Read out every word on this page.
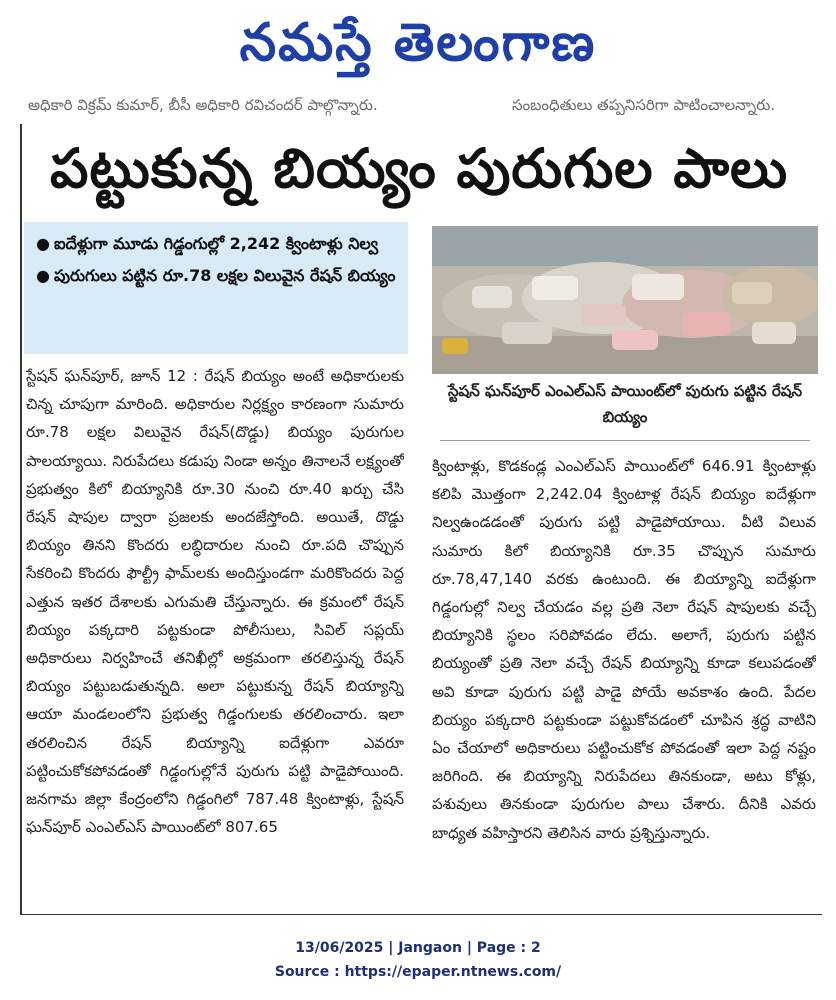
నమస్తే తెలంగాణ
అధికారి విక్రమ్ కుమార్, బీసీ అధికారి రవిచందర్ పాల్గొన్నారు.	సంబంధితులు తప్పనిసరిగా పాటించాలన్నారు.
పట్టుకున్న బియ్యం పురుగుల పాలు
● ఐదేళ్లుగా మూడు గిడ్డంగుల్లో 2,242 క్వింటాళ్లు నిల్వ
● పురుగులు పట్టిన రూ.78 లక్షల విలువైన రేషన్ బియ్యం

స్టేషన్ ఘన్‌పూర్, జూన్ 12 : రేషన్ బియ్యం అంటే అధికారులకు చిన్న చూపుగా మారింది. అధికారుల నిర్లక్ష్యం కారణంగా సుమారు రూ.78 లక్షల విలువైన రేషన్(దొడ్డు) బియ్యం పురుగుల పాలయ్యాయి. నిరుపేదలు కడుపు నిండా అన్నం తినాలనే లక్ష్యంతో ప్రభుత్వం కిలో బియ్యానికి రూ.30 నుంచి రూ.40 ఖర్చు చేసి రేషన్ షాపుల ద్వారా ప్రజలకు అందజేస్తోంది. అయితే, దొడ్డు బియ్యం తినని కొందరు లబ్ధిదారుల నుంచి రూ.పది చొప్పున సేకరించి కొందరు ఫౌల్ట్రీ ఫామ్‌లకు అందిస్తుండగా మరికొందరు పెద్ద ఎత్తున ఇతర దేశాలకు ఎగుమతి చేస్తున్నారు. ఈ క్రమంలో రేషన్ బియ్యం పక్కదారి పట్టకుండా పోలీసులు, సివిల్ సప్లయ్ అధికారులు నిర్వహించే తనిఖీల్లో అక్రమంగా తరలిస్తున్న రేషన్ బియ్యం పట్టుబడుతున్నది. అలా పట్టుకున్న రేషన్ బియ్యాన్ని ఆయా మండలంలోని ప్రభుత్వ గిడ్డంగులకు తరలించారు. ఇలా తరలించిన రేషన్ బియ్యాన్ని ఐదేళ్లుగా ఎవరూ పట్టించుకోకపోవడంతో గిడ్డంగుల్లోనే పురుగు పట్టి పాడైపోయింది. జనగామ జిల్లా కేంద్రంలోని గిడ్డంగిలో 787.48 క్వింటాళ్లు, స్టేషన్ ఘన్‌పూర్ ఎంఎల్ఎస్ పాయింట్‌లో 807.65

స్టేషన్ ఘన్‌పూర్ ఎంఎల్ఎస్ పాయింట్‌లో పురుగు పట్టిన రేషన్ బియ్యం

క్వింటాళ్లు, కొడకండ్ల ఎంఎల్ఎస్ పాయింట్‌లో 646.91 క్వింటాళ్లు కలిపి మొత్తంగా 2,242.04 క్వింటాళ్ల రేషన్ బియ్యం ఐదేళ్లుగా నిల్వఉండడంతో పురుగు పట్టి పాడైపోయాయి. వీటి విలువ సుమారు కిలో బియ్యానికి రూ.35 చొప్పున సుమారు రూ.78,47,140 వరకు ఉంటుంది. ఈ బియ్యాన్ని ఐదేళ్లుగా గిడ్డంగుల్లో నిల్వ చేయడం వల్ల ప్రతి నెలా రేషన్ షాపులకు వచ్చే బియ్యానికి స్థలం సరిపోవడం లేదు. అలాగే, పురుగు పట్టిన బియ్యంతో ప్రతి నెలా వచ్చే రేషన్ బియ్యాన్ని కూడా కలుపడంతో అవి కూడా పురుగు పట్టి పాడై పోయే అవకాశం ఉంది. పేదల బియ్యం పక్కదారి పట్టకుండా పట్టుకోవడంలో చూపిన శ్రద్ధ వాటిని ఏం చేయాలో అధికారులు పట్టించుకోక పోవడంతో ఇలా పెద్ద నష్టం జరిగింది. ఈ బియ్యాన్ని నిరుపేదలు తినకుండా, అటు కోళ్లు, పశువులు తినకుండా పురుగుల పాలు చేశారు. దీనికి ఎవరు బాధ్యత వహిస్తారని తెలిసిన వారు ప్రశ్నిస్తున్నారు.

13/06/2025 | Jangaon | Page : 2
Source : https://epaper.ntnews.com/
